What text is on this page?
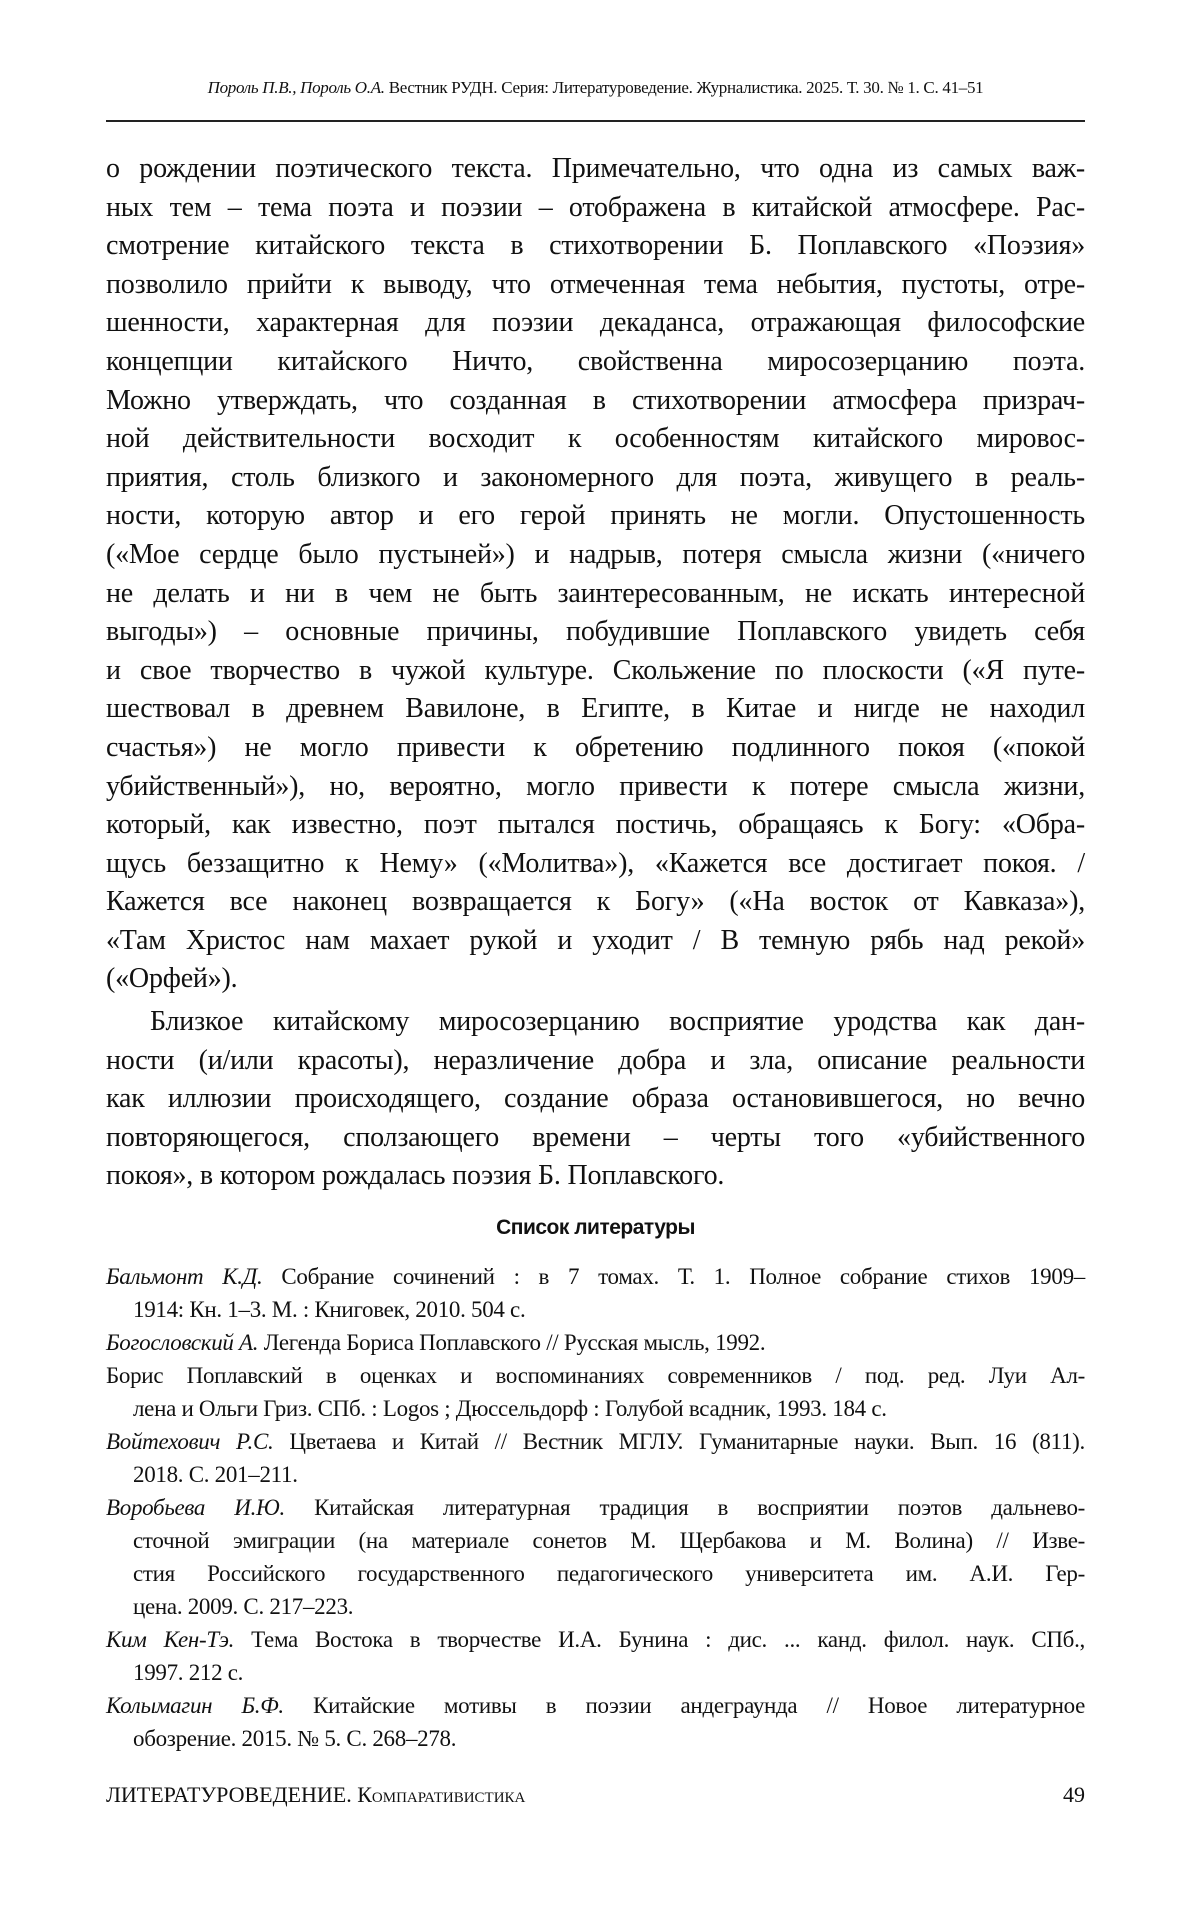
Пороль П.В., Пороль О.А. Вестник РУДН. Серия: Литературоведение. Журналистика. 2025. Т. 30. № 1. С. 41–51
о рождении поэтического текста. Примечательно, что одна из самых важ-
ных тем – тема поэта и поэзии – отображена в китайской атмосфере. Рас-
смотрение китайского текста в стихотворении Б. Поплавского «Поэзия»
позволило прийти к выводу, что отмеченная тема небытия, пустоты, отре-
шенности, характерная для поэзии декаданса, отражающая философские
концепции китайского Ничто, свойственна миросозерцанию поэта.
Можно утверждать, что созданная в стихотворении атмосфера призрач-
ной действительности восходит к особенностям китайского мировос-
приятия, столь близкого и закономерного для поэта, живущего в реаль-
ности, которую автор и его герой принять не могли. Опустошенность
(«Мое сердце было пустыней») и надрыв, потеря смысла жизни («ничего
не делать и ни в чем не быть заинтересованным, не искать интересной
выгоды») – основные причины, побудившие Поплавского увидеть себя
и свое творчество в чужой культуре. Скольжение по плоскости («Я путе-
шествовал в древнем Вавилоне, в Египте, в Китае и нигде не находил
счастья») не могло привести к обретению подлинного покоя («покой
убийственный»), но, вероятно, могло привести к потере смысла жизни,
который, как известно, поэт пытался постичь, обращаясь к Богу: «Обра-
щусь беззащитно к Нему» («Молитва»), «Кажется все достигает покоя. /
Кажется все наконец возвращается к Богу» («На восток от Кавказа»),
«Там Христос нам махает рукой и уходит / В темную рябь над рекой»
(«Орфей»).
Близкое китайскому миросозерцанию восприятие уродства как дан-
ности (и/или красоты), неразличение добра и зла, описание реальности
как иллюзии происходящего, создание образа остановившегося, но вечно
повторяющегося, сползающего времени – черты того «убийственного
покоя», в котором рождалась поэзия Б. Поплавского.
Список литературы
Бальмонт К.Д. Собрание сочинений : в 7 томах. Т. 1. Полное собрание стихов 1909–
1914: Кн. 1–3. М. : Книговек, 2010. 504 с.
Богословский А. Легенда Бориса Поплавского // Русская мысль, 1992.
Борис Поплавский в оценках и воспоминаниях современников / под. ред. Луи Ал-
лена и Ольги Гриз. СПб. : Logos ; Дюссельдорф : Голубой всадник, 1993. 184 с.
Войтехович Р.С. Цветаева и Китай // Вестник МГЛУ. Гуманитарные науки. Вып. 16 (811).
2018. С. 201–211.
Воробьева И.Ю. Китайская литературная традиция в восприятии поэтов дальнево-
сточной эмиграции (на материале сонетов М. Щербакова и М. Волина) // Изве-
стия Российского государственного педагогического университета им. А.И. Гер-
цена. 2009. С. 217–223.
Ким Кен-Тэ. Тема Востока в творчестве И.А. Бунина : дис. ... канд. филол. наук. СПб.,
1997. 212 с.
Колымагин Б.Ф. Китайские мотивы в поэзии андеграунда // Новое литературное
обозрение. 2015. № 5. С. 268–278.
ЛИТЕРАТУРОВЕДЕНИЕ. Компаративистика	49
